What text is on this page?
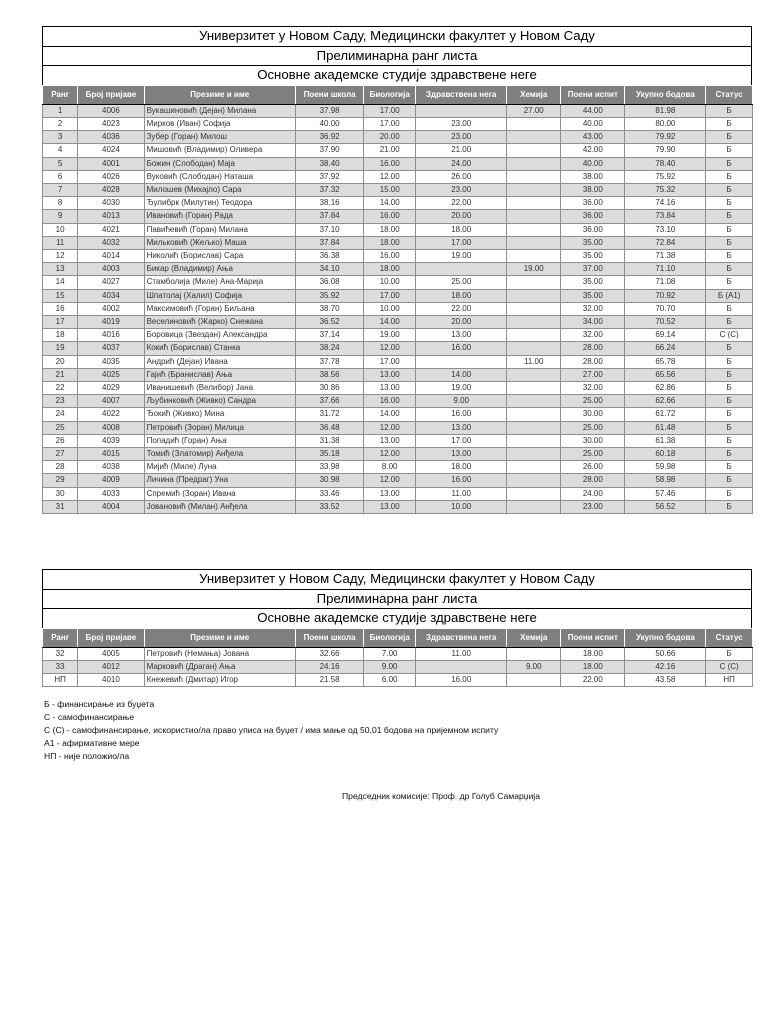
Универзитет у Новом Саду, Медицински факултет у Новом Саду
Прелиминарна ранг листа
Основне академске студије здравствене неге
Ранг	Број пријаве	Презиме и име	Поени школа	Биологија	Здравствена нега	Хемија	Поени испит	Укупно бодова	Статус
1	4006	Вукашиновић (Дејан) Милана	37.98	17.00		27.00	44.00	81.98	Б
2	4023	Мирков (Иван) Софија	40.00	17.00	23.00		40.00	80.00	Б
3	4036	Зубер (Горан) Милош	36.92	20.00	23.00		43.00	79.92	Б
4	4024	Мишовић (Владимир) Оливера	37.90	21.00	21.00		42.00	79.90	Б
5	4001	Божин (Слободан) Маја	38.40	16.00	24.00		40.00	78.40	Б
6	4026	Вуковић (Слободан) Наташа	37.92	12.00	26.00		38.00	75.92	Б
7	4028	Милошев (Михајло) Сара	37.32	15.00	23.00		38.00	75.32	Б
8	4030	Ђулибрк (Милутин) Теодора	38.16	14.00	22.00		36.00	74.16	Б
9	4013	Ивановић (Горан) Рада	37.84	16.00	20.00		36.00	73.84	Б
10	4021	Павићевић (Горан) Милана	37.10	18.00	18.00		36.00	73.10	Б
11	4032	Мильковић (Жељко) Маша	37.84	18.00	17.00		35.00	72.84	Б
12	4014	Николић (Борислав) Сара	36.38	16.00	19.00		35.00	71.38	Б
13	4003	Бикар (Владимир) Ања	34.10	18.00		19.00	37.00	71.10	Б
14	4027	Стамболија (Миле) Ана-Марија	36.08	10.00	25.00		35.00	71.08	Б
15	4034	Шпатолај (Халил) Софија	35.92	17.00	18.00		35.00	70.92	Б (А1)
16	4002	Максимовић (Горан) Биљана	38.70	10.00	22.00		32.00	70.70	Б
17	4019	Веселиновић (Жарко) Снежана	36.52	14.00	20.00		34.00	70.52	Б
18	4016	Боровица (Звездан) Александра	37.14	19.00	13.00		32.00	69.14	С (С)
19	4037	Кокић (Борислав) Станка	38.24	12.00	16.00		28.00	66.24	Б
20	4035	Андрић (Дејан) Ивана	37.78	17.00		11.00	28.00	65.78	Б
21	4025	Гајић (Бранислав) Ања	38.56	13.00	14.00		27.00	65.56	Б
22	4029	Иванишевић (Велибор) Јана	30.86	13.00	19.00		32.00	62.86	Б
23	4007	Љубинковић (Живко) Сандра	37.66	16.00	9.00		25.00	62.66	Б
24	4022	Ђокић (Живко) Мина	31.72	14.00	16.00		30.00	61.72	Б
25	4008	Петровић (Зоран) Милица	36.48	12.00	13.00		25.00	61.48	Б
26	4039	Попадић (Горан) Ања	31.38	13.00	17.00		30.00	61.38	Б
27	4015	Томић (Златомир) Анђела	35.18	12.00	13.00		25.00	60.18	Б
28	4038	Мијић (Миле) Луна	33.98	8.00	18.00		26.00	59.98	Б
29	4009	Личина (Предраг) Уна	30.98	12.00	16.00		28.00	58.98	Б
30	4033	Спремић (Зоран) Ивана	33.46	13.00	11.00		24.00	57.46	Б
31	4004	Јовановић (Милан) Анђела	33.52	13.00	10.00		23.00	56.52	Б
Универзитет у Новом Саду, Медицински факултет у Новом Саду
Прелиминарна ранг листа
Основне академске студије здравствене неге
Ранг	Број пријаве	Презиме и име	Поени школа	Биологија	Здравствена нега	Хемија	Поени испит	Укупно бодова	Статус
32	4005	Петровић (Немања) Јована	32.66	7.00	11.00		18.00	50.66	Б
33	4012	Марковић (Драган) Ања	24.16	9.00		9.00	18.00	42.16	С (С)
НП	4010	Кнежевић (Дмитар) Игор	21.58	6.00	16.00		22.00	43.58	НП
Б - финансирање из буџета
С - самофинансирање
С (С) - самофинансирање, искористио/ла право уписа на буџет / има мање од 50,01 бодова на пријемном испиту
А1 - афирмативне мере
НП - није положио/ла
Председник комисије: Проф. др Голуб Самарџија
